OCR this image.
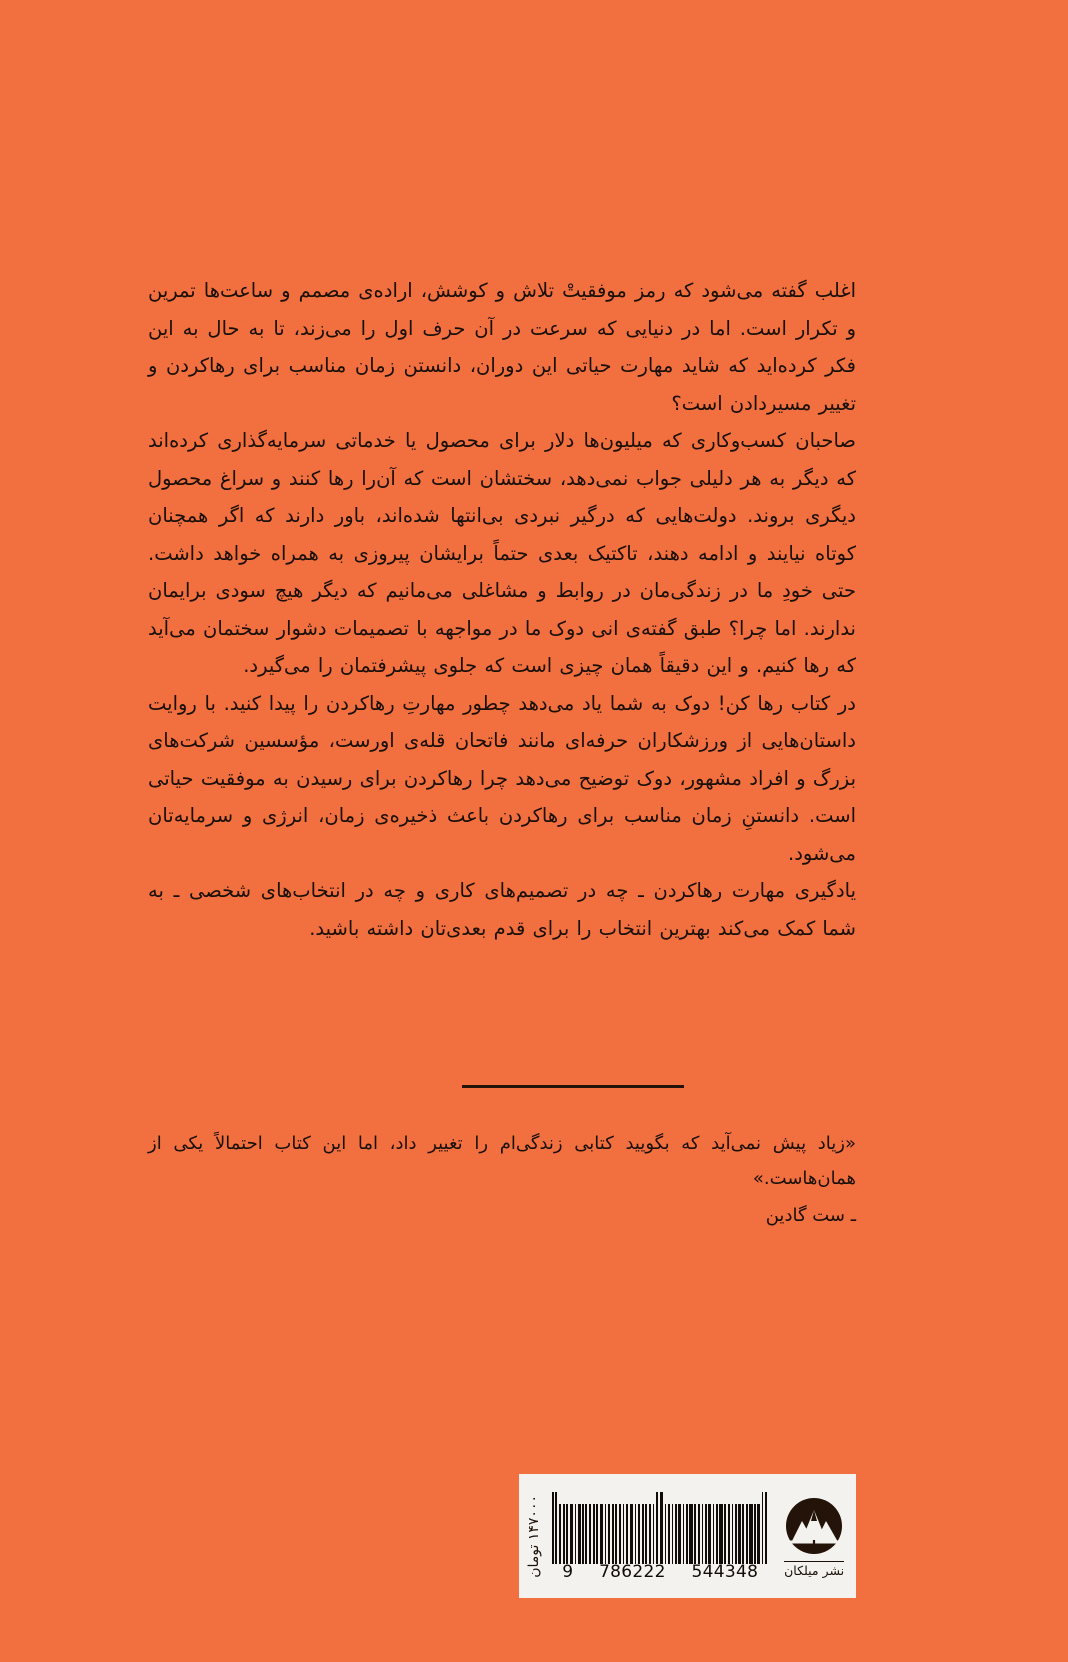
اغلب گفته می‌شود که رمز موفقیتْ تلاش و کوشش، اراده‌ی مصمم و ساعت‌ها تمرین و تکرار است. اما در دنیایی که سرعت در آن حرف اول را می‌زند، تا به حال به این فکر کرده‌اید که شاید مهارت حیاتی این دوران، دانستن زمان مناسب برای رهاکردن و تغییر مسیردادن است؟

صاحبان کسب‌وکاری که میلیون‌ها دلار برای محصول یا خدماتی سرمایه‌گذاری کرده‌اند که دیگر به هر دلیلی جواب نمی‌دهد، سختشان است که آن‌را رها کنند و سراغ محصول دیگری بروند. دولت‌هایی که درگیر نبردی بی‌انتها شده‌اند، باور دارند که اگر همچنان کوتاه نیایند و ادامه دهند، تاکتیک بعدی حتماً برایشان پیروزی به همراه خواهد داشت. حتی خودِ ما در زندگی‌مان در روابط و مشاغلی می‌مانیم که دیگر هیچ سودی برایمان ندارند. اما چرا؟ طبق گفته‌ی انی دوک ما در مواجهه با تصمیمات دشوار سختمان می‌آید که رها کنیم. و این دقیقاً همان چیزی است که جلوی پیشرفتمان را می‌گیرد.

در کتاب رها کن! دوک به شما یاد می‌دهد چطور مهارتِ رهاکردن را پیدا کنید. با روایت داستان‌هایی از ورزشکاران حرفه‌ای مانند فاتحان قله‌ی اورست، مؤسسین شرکت‌های بزرگ و افراد مشهور، دوک توضیح می‌دهد چرا رهاکردن برای رسیدن به موفقیت حیاتی است. دانستنِ زمان مناسب برای رهاکردن باعث ذخیره‌ی زمان، انرژی و سرمایه‌تان می‌شود.

یادگیری مهارت رهاکردن ـ چه در تصمیم‌های کاری و چه در انتخاب‌های شخصی ـ به شما کمک می‌کند بهترین انتخاب را برای قدم بعدی‌تان داشته باشید.

«زیاد پیش نمی‌آید که بگویید کتابی زندگی‌ام را تغییر داد، اما این کتاب احتمالاً یکی از همان‌هاست.»

ـ ست گادین

نشر میلکان
9 786222 544348
۱۴۷۰۰۰ تومان
